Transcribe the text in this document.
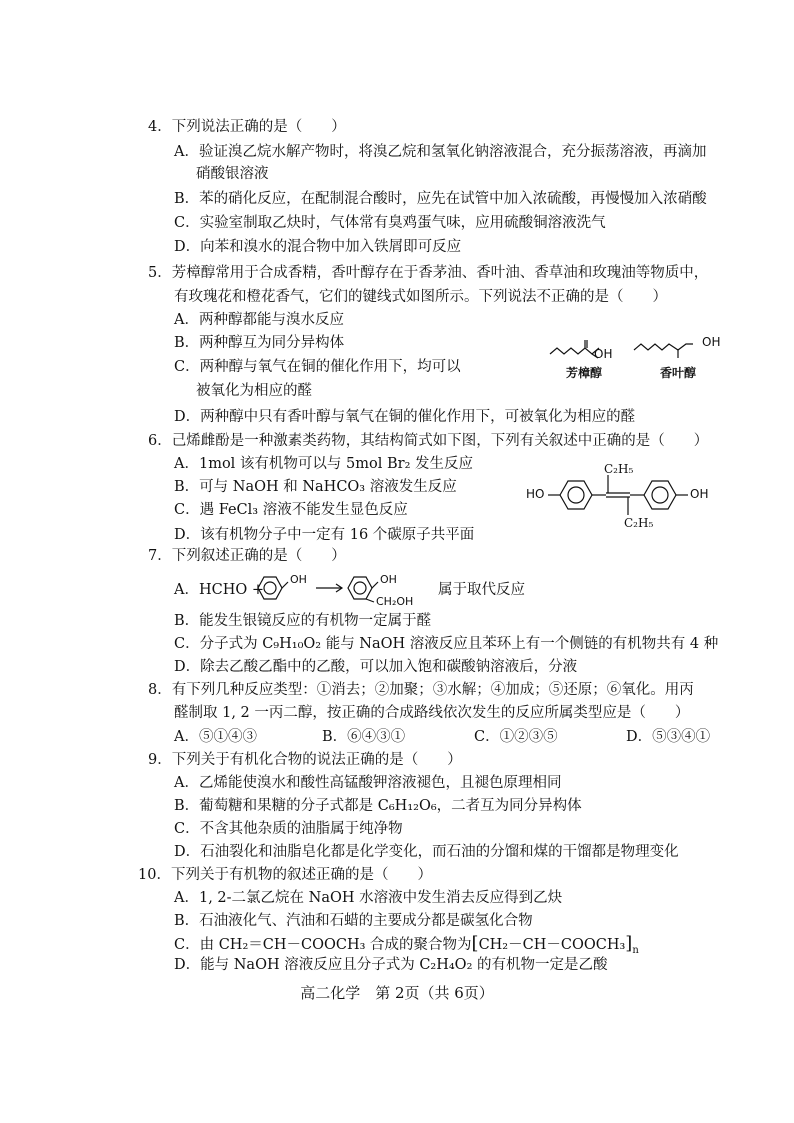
4．下列说法正确的是（　　）
A．验证溴乙烷水解产物时，将溴乙烷和氢氧化钠溶液混合，充分振荡溶液，再滴加
硝酸银溶液
B．苯的硝化反应，在配制混合酸时，应先在试管中加入浓硫酸，再慢慢加入浓硝酸
C．实验室制取乙炔时，气体常有臭鸡蛋气味，应用硫酸铜溶液洗气
D．向苯和溴水的混合物中加入铁屑即可反应
5．芳樟醇常用于合成香精，香叶醇存在于香茅油、香叶油、香草油和玫瑰油等物质中，
有玫瑰花和橙花香气，它们的键线式如图所示。下列说法不正确的是（　　）
A．两种醇都能与溴水反应
B．两种醇互为同分异构体
C．两种醇与氧气在铜的催化作用下，均可以
被氧化为相应的醛
D．两种醇中只有香叶醇与氧气在铜的催化作用下，可被氧化为相应的醛
OH
OH
芳樟醇	香叶醇
6．己烯雌酚是一种激素类药物，其结构简式如下图，下列有关叙述中正确的是（　　）
A．1mol 该有机物可以与 5mol Br₂ 发生反应
B．可与 NaOH 和 NaHCO₃ 溶液发生反应
C．遇 FeCl₃ 溶液不能发生显色反应
D．该有机物分子中一定有 16 个碳原子共平面
HO	OH
C₂H₅
C₂H₅
7．下列叙述正确的是（　　）
A．HCHO +
OH	OH
CH₂OH
属于取代反应
B．能发生银镜反应的有机物一定属于醛
C．分子式为 C₉H₁₀O₂ 能与 NaOH 溶液反应且苯环上有一个侧链的有机物共有 4 种
D．除去乙酸乙酯中的乙酸，可以加入饱和碳酸钠溶液后，分液
8．有下列几种反应类型：①消去；②加聚；③水解；④加成；⑤还原；⑥氧化。用丙
醛制取 1, 2 一丙二醇，按正确的合成路线依次发生的反应所属类型应是（　　）
A．⑤①④③	B．⑥④③①	C．①②③⑤	D．⑤③④①
9．下列关于有机化合物的说法正确的是（　　）
A．乙烯能使溴水和酸性高锰酸钾溶液褪色，且褪色原理相同
B．葡萄糖和果糖的分子式都是 C₆H₁₂O₆，二者互为同分异构体
C．不含其他杂质的油脂属于纯净物
D．石油裂化和油脂皂化都是化学变化，而石油的分馏和煤的干馏都是物理变化
10．下列关于有机物的叙述正确的是（　　）
A．1, 2-二氯乙烷在 NaOH 水溶液中发生消去反应得到乙炔
B．石油液化气、汽油和石蜡的主要成分都是碳氢化合物
C．由 CH₂＝CH－COOCH₃ 合成的聚合物为$[CH_2-CH-COOCH_3]_n$
D．能与 NaOH 溶液反应且分子式为 C₂H₄O₂ 的有机物一定是乙酸
高二化学　第 2页（共 6页）
